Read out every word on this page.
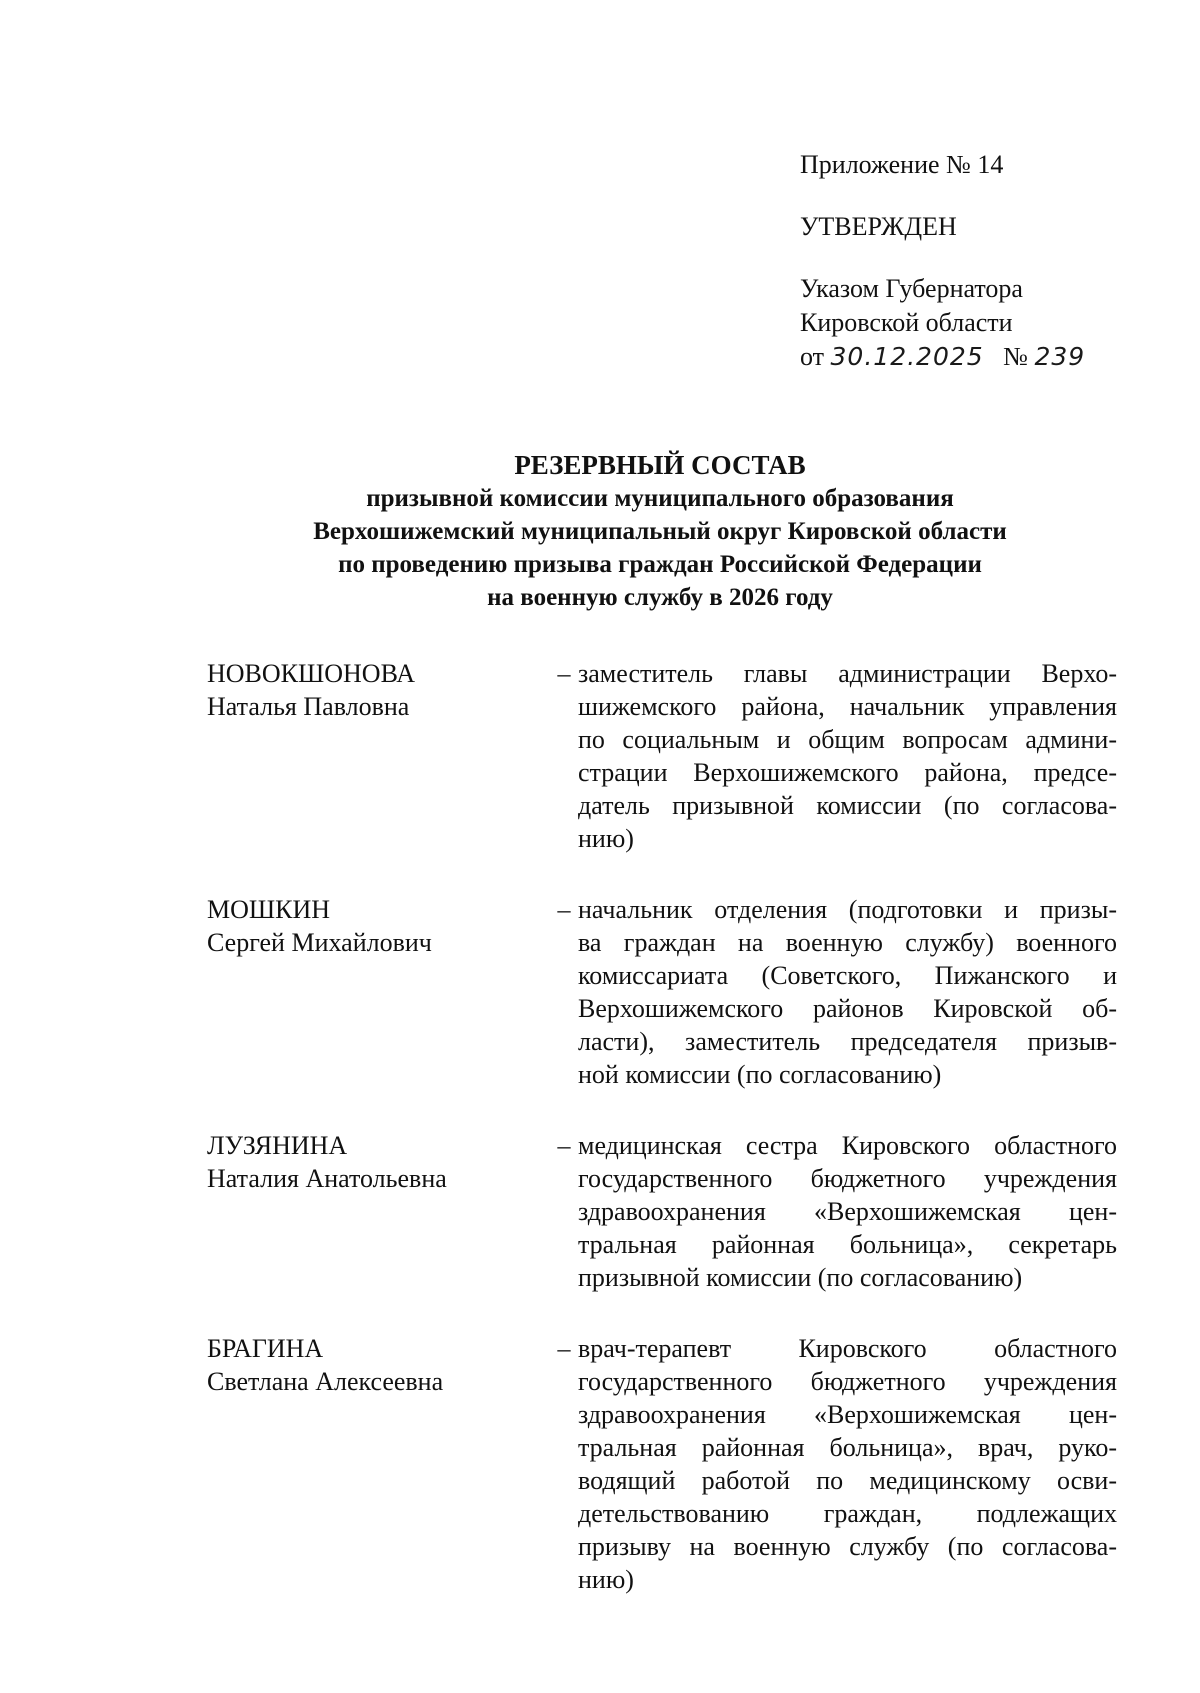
Приложение № 14
УТВЕРЖДЕН
Указом Губернатора
Кировской области
от 30.12.2025 № 239
РЕЗЕРВНЫЙ СОСТАВ
призывной комиссии муниципального образования
Верхошижемский муниципальный округ Кировской области
по проведению призыва граждан Российской Федерации
на военную службу в 2026 году
НОВОКШОНОВА
Наталья Павловна
– заместитель главы администрации Верхо-
шижемского района, начальник управления
по социальным и общим вопросам админи-
страции Верхошижемского района, предсе-
датель призывной комиссии (по согласова-
нию)
МОШКИН
Сергей Михайлович
– начальник отделения (подготовки и призы-
ва граждан на военную службу) военного
комиссариата (Советского, Пижанского и
Верхошижемского районов Кировской об-
ласти), заместитель председателя призыв-
ной комиссии (по согласованию)
ЛУЗЯНИНА
Наталия Анатольевна
– медицинская сестра Кировского областного
государственного бюджетного учреждения
здравоохранения «Верхошижемская цен-
тральная районная больница», секретарь
призывной комиссии (по согласованию)
БРАГИНА
Светлана Алексеевна
– врач-терапевт Кировского областного
государственного бюджетного учреждения
здравоохранения «Верхошижемская цен-
тральная районная больница», врач, руко-
водящий работой по медицинскому осви-
детельствованию граждан, подлежащих
призыву на военную службу (по согласова-
нию)
